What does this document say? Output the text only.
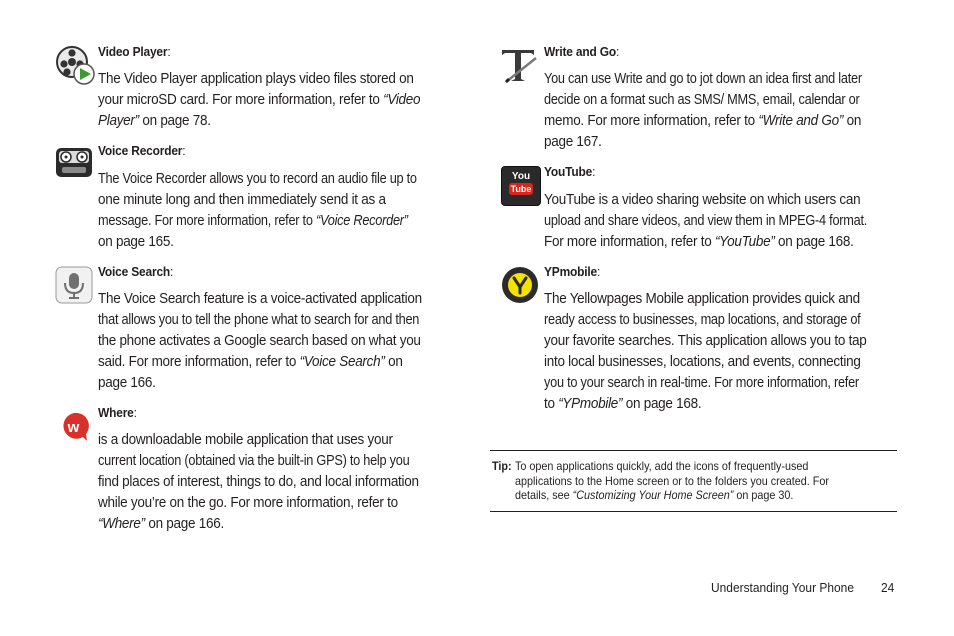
Video Player:
The Video Player application plays video files stored on
your microSD card. For more information, refer to “Video
Player” on page 78.
Voice Recorder:
The Voice Recorder allows you to record an audio file up to
one minute long and then immediately send it as a
message. For more information, refer to “Voice Recorder”
on page 165.
Voice Search:
The Voice Search feature is a voice-activated application
that allows you to tell the phone what to search for and then
the phone activates a Google search based on what you
said. For more information, refer to “Voice Search” on
page 166.
w
Where:
is a downloadable mobile application that uses your
current location (obtained via the built-in GPS) to help you
find places of interest, things to do, and local information
while you’re on the go. For more information, refer to
“Where” on page 166.
Write and Go:
You can use Write and go to jot down an idea first and later
decide on a format such as SMS/ MMS, email, calendar or
memo. For more information, refer to “Write and Go” on
page 167.
You
Tube
YouTube:
YouTube is a video sharing website on which users can
upload and share videos, and view them in MPEG-4 format.
For more information, refer to “YouTube” on page 168.
YPmobile:
The Yellowpages Mobile application provides quick and
ready access to businesses, map locations, and storage of
your favorite searches. This application allows you to tap
into local businesses, locations, and events, connecting
you to your search in real-time. For more information, refer
to “YPmobile” on page 168.
Tip: To open applications quickly, add the icons of frequently-used
applications to the Home screen or to the folders you created. For
details, see “Customizing Your Home Screen” on page 30.
Understanding Your Phone 24
